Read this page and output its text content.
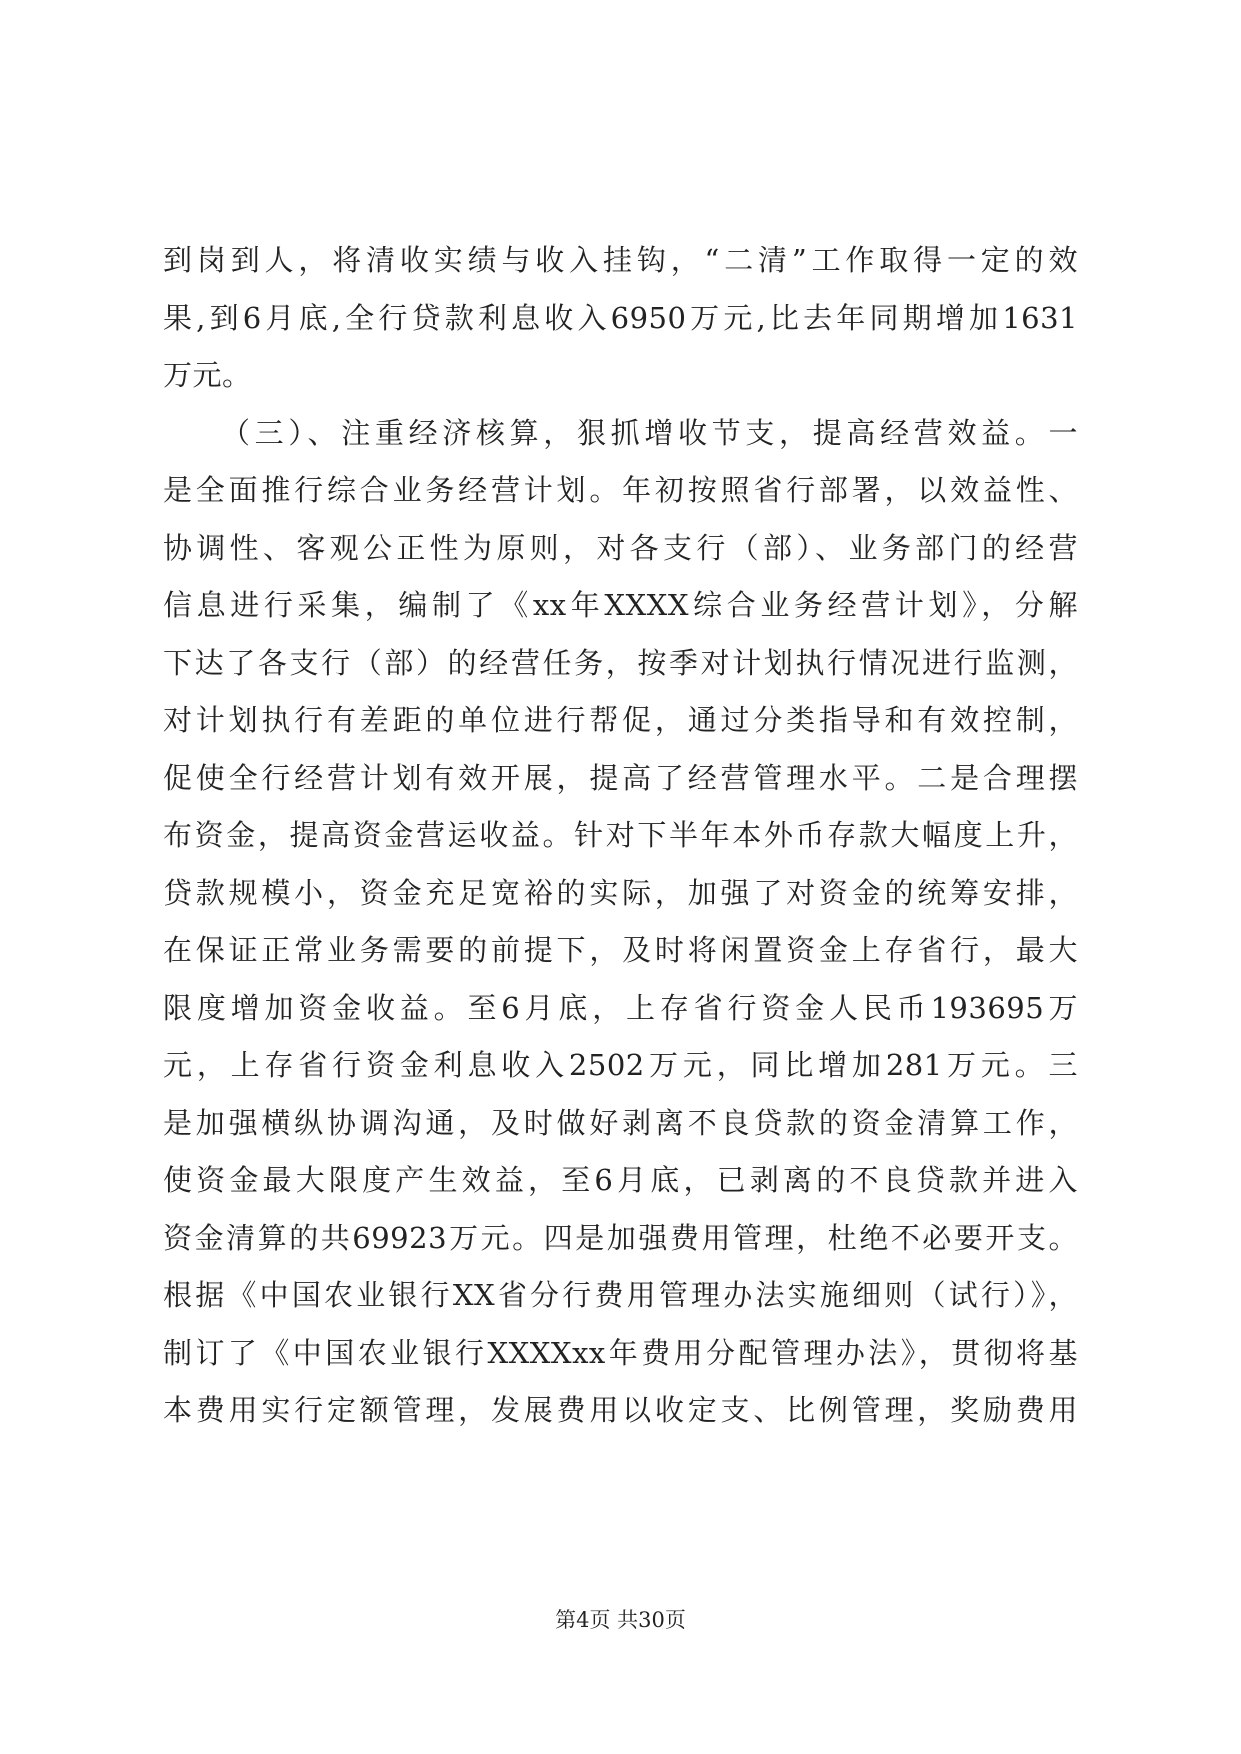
到岗到人，将清收实绩与收入挂钩，“二清”工作取得一定的效
果,到6月底,全行贷款利息收入6950万元,比去年同期增加1631
万元。
（三）、注重经济核算，狠抓增收节支，提高经营效益。一
是全面推行综合业务经营计划。年初按照省行部署，以效益性、
协调性、客观公正性为原则，对各支行（部）、业务部门的经营
信息进行采集，编制了《xx年XXXX综合业务经营计划》，分解
下达了各支行（部）的经营任务，按季对计划执行情况进行监测，
对计划执行有差距的单位进行帮促，通过分类指导和有效控制，
促使全行经营计划有效开展，提高了经营管理水平。二是合理摆
布资金，提高资金营运收益。针对下半年本外币存款大幅度上升，
贷款规模小，资金充足宽裕的实际，加强了对资金的统筹安排，
在保证正常业务需要的前提下，及时将闲置资金上存省行，最大
限度增加资金收益。至6月底，上存省行资金人民币193695万
元，上存省行资金利息收入2502万元，同比增加281万元。三
是加强横纵协调沟通，及时做好剥离不良贷款的资金清算工作，
使资金最大限度产生效益，至6月底，已剥离的不良贷款并进入
资金清算的共69923万元。四是加强费用管理，杜绝不必要开支。
根据《中国农业银行XX省分行费用管理办法实施细则（试行）》，
制订了《中国农业银行XXXXxx年费用分配管理办法》，贯彻将基
本费用实行定额管理，发展费用以收定支、比例管理，奖励费用
第4页 共30页
